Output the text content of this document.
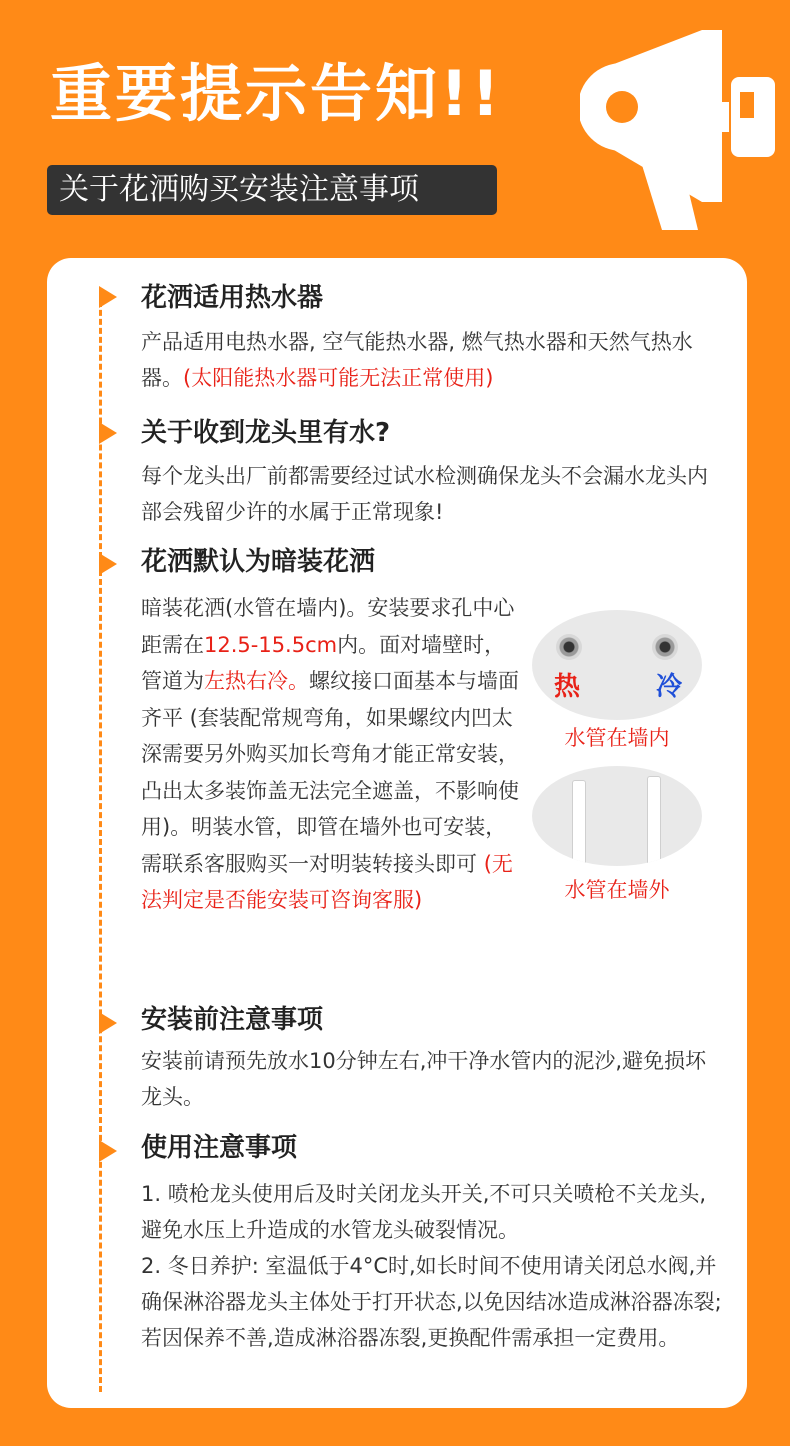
重要提示告知!!
关于花洒购买安装注意事项
花洒适用热水器
产品适用电热水器, 空气能热水器, 燃气热水器和天然气热水器。(太阳能热水器可能无法正常使用)
关于收到龙头里有水?
每个龙头出厂前都需要经过试水检测确保龙头不会漏水龙头内部会残留少许的水属于正常现象!
花洒默认为暗装花洒
暗装花洒(水管在墙内)。安装要求孔中心距需在12.5-15.5cm内。面对墙壁时，管道为左热右冷。螺纹接口面基本与墙面齐平 (套装配常规弯角，如果螺纹内凹太深需要另外购买加长弯角才能正常安装，凸出太多装饰盖无法完全遮盖，不影响使用)。明装水管，即管在墙外也可安装，需联系客服购买一对明装转接头即可 (无法判定是否能安装可咨询客服)
热	冷
水管在墙内
水管在墙外
安装前注意事项
安装前请预先放水10分钟左右,冲干净水管内的泥沙,避免损坏龙头。
使用注意事项
1. 喷枪龙头使用后及时关闭龙头开关,不可只关喷枪不关龙头,避免水压上升造成的水管龙头破裂情况。
2. 冬日养护: 室温低于4°C时,如长时间不使用请关闭总水阀,并确保淋浴器龙头主体处于打开状态,以免因结冰造成淋浴器冻裂;若因保养不善,造成淋浴器冻裂,更换配件需承担一定费用。
